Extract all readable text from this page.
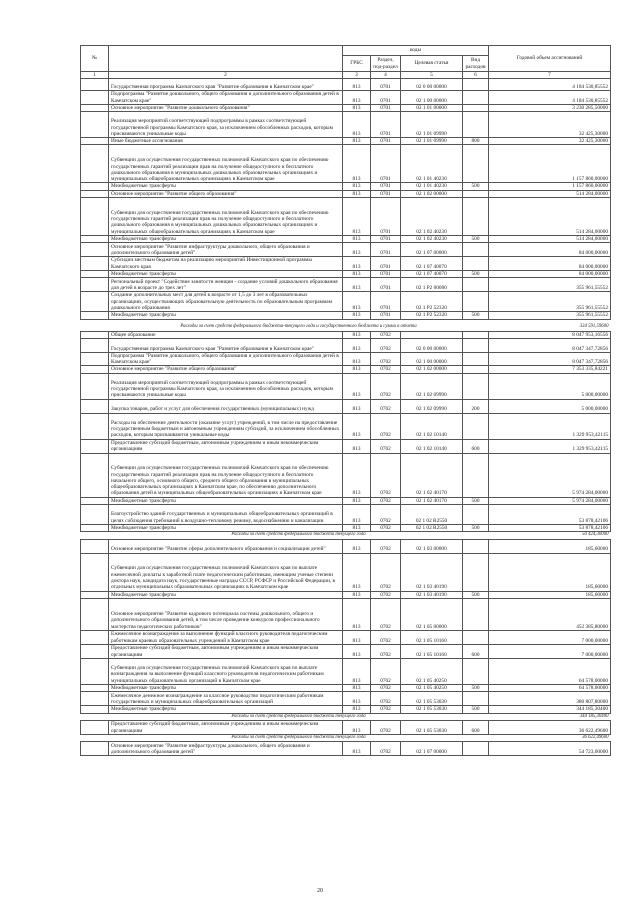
№		коды				Годовой объем ассигнований
		ГРБС	Раздел, под-раздел	Целевая статья	Вид расходов	
1	2	3	4	5	6	7
	Государственная программа Камчатского края "Развитие образования в Камчатском крае"	813	0701	02 0 00 00000		4 184 530,85552
	Подпрограмма "Развитие дошкольного, общего образования и дополнительного образования детей в Камчатском крае"	813	0701	02 1 00 00000		4 184 530,85552
	Основное мероприятие "Развитие дошкольного образования"	813	0701	02 1 01 00000		3 230 285,50000
	Реализация мероприятий соответствующей подпрограммы в рамках соответствующей государственной программы Камчатского края, за исключением обособленных расходов, которым присваиваются уникальные коды	813	0701	02 1 01 09990		32 425,30000
	Иные бюджетные ассигнования	813	0701	02 1 01 09990	800	32 425,30000
	Субвенции для осуществления государственных полномочий Камчатского края по обеспечению государственных гарантий реализации прав на получение общедоступного и бесплатного дошкольного образования в муниципальных дошкольных образовательных организациях и муниципальных общеобразовательных организациях в Камчатском крае	813	0701	02 1 01 40230		1 157 860,00000
	Межбюджетные трансферты	813	0701	02 1 01 40230	500	1 157 860,00000
	Основное мероприятие "Развитие общего образования"	813	0701	02 1 02 00000		514 284,00000
	Субвенции для осуществления государственных полномочий Камчатского края по обеспечению государственных гарантий реализации прав на получение общедоступного и бесплатного дошкольного образования в муниципальных дошкольных образовательных организациях и муниципальных общеобразовательных организациях в Камчатском крае	813	0701	02 1 02 40230		514 284,00000
	Межбюджетные трансферты	813	0701	02 1 02 40230	500	514 284,00000
	Основное мероприятие "Развитие инфраструктуры дошкольного, общего образования и дополнительного образования детей"	813	0701	02 1 07 00000		84 000,00000
	Субсидии местным бюджетам на реализацию мероприятий Инвестиционной программы Камчатского края	813	0701	02 1 07 40070		84 000,00000
	Межбюджетные трансферты	813	0701	02 1 07 40070	500	84 000,00000
	Региональный проект "Содействие занятости женщин - создание условий дошкольного образования для детей в возрасте до трех лет"	813	0701	02 1 P2 00000		355 961,55552
	Создание дополнительных мест для детей в возрасте от 1,5 до 3 лет в образовательных организациях, осуществляющих образовательную деятельность по образовательным программам дошкольного образования	813	0701	02 1 P2 52320		355 961,55552
	Межбюджетные трансферты	813	0701	02 1 P2 52320	500	355 961,55552
	Расходы за счет средств федерального бюджета-текущего года и государственного бюджета и сумма в отчета					334 591,59600
	Общее образование	813	0702			8 047 953,16556
	Государственная программа Камчатского края "Развитие образования в Камчатском крае"	813	0702	02 0 00 00000		8 047 347,72856
	Подпрограмма "Развитие дошкольного, общего образования и дополнительного образования детей в Камчатском крае"	813	0702	02 1 00 00000		8 047 347,72856
	Основное мероприятие "Развитие общего образования"	813	0702	02 1 02 00000		7 353 335,84221
	Реализация мероприятий соответствующей подпрограммы в рамках соответствующей государственной программы Камчатского края, за исключением обособленных расходов, которым присваиваются уникальные коды	813	0702	02 1 02 09990		5 000,00000
	Закупка товаров, работ и услуг для обеспечения государственных (муниципальных) нужд	813	0702	02 1 02 09990	200	5 000,00000
	Расходы на обеспечение деятельности (оказание услуг) учреждений, в том числе на предоставление государственным бюджетным и автономным учреждениям субсидий, за исключением обособленных расходов, которым присваиваются уникальные коды	813	0702	02 1 02 10140		1 329 953,42115
	Предоставление субсидий бюджетным, автономным учреждениям и иным некоммерческим организациям	813	0702	02 1 02 10140	600	1 329 953,42115
	Субвенции для осуществления государственных полномочий Камчатского края по обеспечению государственных гарантий реализации прав на получение общедоступного и бесплатного начального общего, основного общего, среднего общего образования в муниципальных общеобразовательных организациях в Камчатском крае, по обеспечению дополнительного образования детей в муниципальных общеобразовательных организациях в Камчатском крае	813	0702	02 1 02 40170		5 974 284,00000
	Межбюджетные трансферты	813	0702	02 1 02 40170	500	5 974 284,00000
	Благоустройство зданий государственных и муниципальных общеобразовательных организаций в целях соблюдения требований к воздушно-тепловому режиму, водоснабжению и канализации	813	0702	02 1 02 R2550		53 878,42106
	Межбюджетные трансферты	813	0702	02 1 02 R2550	500	53 878,42106
	Расходы за счет средств федерального бюджета текущего года					50 424,30000
	Основное мероприятие "Развитие сферы дополнительного образования и социализации детей"	813	0702	02 1 03 00000		185,60000
	Субвенции для осуществления государственных полномочий Камчатского края по выплате ежемесячной доплаты к заработной плате педагогическим работникам, имеющим ученые степени доктора наук, кандидата наук, государственные награды СССР, РСФСР и Российской Федерации, в отдельных муниципальных образовательных организациях в Камчатском крае	813	0702	02 1 03 40190		185,60000
	Межбюджетные трансферты	813	0702	02 1 03 40190	500	185,60000
	Основное мероприятие "Развитие кадрового потенциала системы дошкольного, общего и дополнительного образования детей, в том числе проведение конкурсов профессионального мастерства педагогических работников"	813	0702	02 1 05 00000		452 385,80000
	Ежемесячное вознаграждение за выполнение функций классного руководителя педагогическим работникам краевых образовательных учреждений в Камчатском крае	813	0702	02 1 05 10160		7 000,00000
	Предоставление субсидий бюджетным, автономным учреждениям и иным некоммерческим организациям	813	0702	02 1 05 10160	600	7 000,00000
	Субвенции для осуществления государственных полномочий Камчатского края по выплате вознаграждения за выполнение функций классного руководителя педагогическим работникам муниципальных образовательных организаций в Камчатском крае	813	0702	02 1 05 40250		64 578,00000
	Межбюджетные трансферты	813	0702	02 1 05 40250	500	64 578,00000
	Ежемесячное денежное вознаграждение за классное руководство педагогическим работникам государственных и муниципальных общеобразовательных организаций	813	0702	02 1 05 53030		380 807,80000
	Межбюджетные трансферты	813	0702	02 1 05 53030	500	344 185,30400
	Расходы за счет средств федерального бюджета текущего года					344 185,30400
	Предоставление субсидий бюджетным, автономным учреждениям и иным некоммерческим организациям	813	0702	02 1 05 53030	600	36 622,49600
	Расходы за счет средств федерального бюджета текущего года					36 622,49600
	Основное мероприятие "Развитие инфраструктуры дошкольного, общего образования и дополнительного образования детей"	813	0702	02 1 07 00000		54 723,00000
20
